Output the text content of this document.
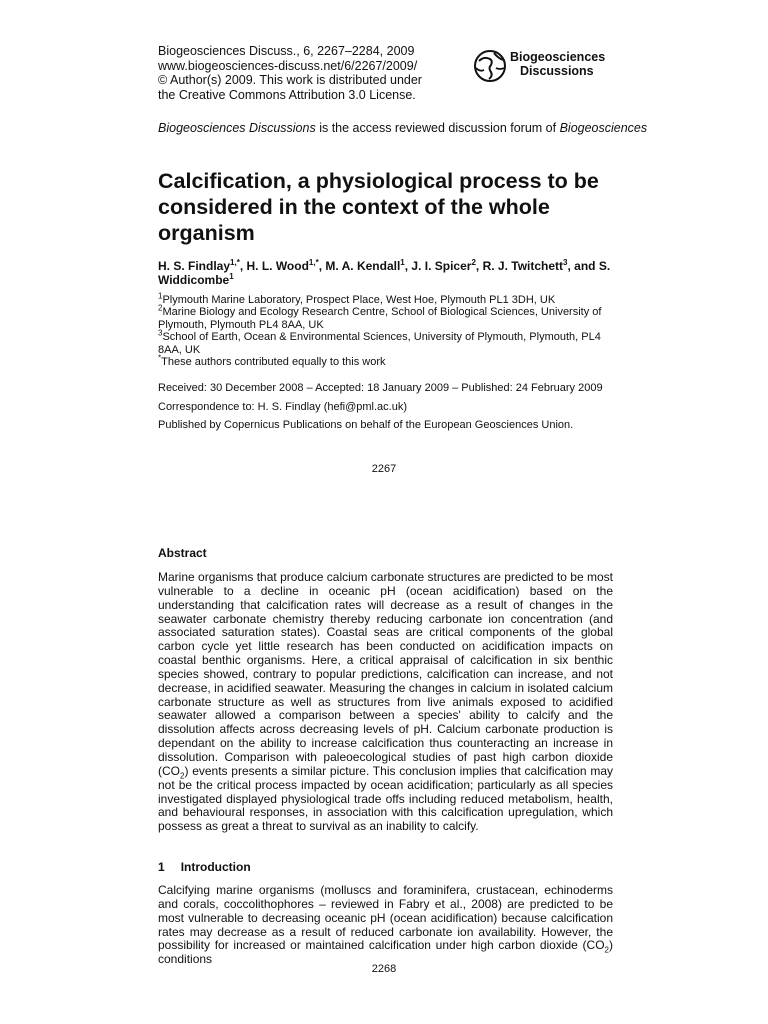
Biogeosciences Discuss., 6, 2267–2284, 2009
www.biogeosciences-discuss.net/6/2267/2009/
© Author(s) 2009. This work is distributed under
the Creative Commons Attribution 3.0 License.
Biogeosciences
Discussions
Biogeosciences Discussions is the access reviewed discussion forum of Biogeosciences
Calcification, a physiological process to be considered in the context of the whole organism
H. S. Findlay$^{1,*}$, H. L. Wood$^{1,*}$, M. A. Kendall$^1$, J. I. Spicer$^2$, R. J. Twitchett$^3$, and S. Widdicombe$^1$
$^1$Plymouth Marine Laboratory, Prospect Place, West Hoe, Plymouth PL1 3DH, UK
$^2$Marine Biology and Ecology Research Centre, School of Biological Sciences, University of Plymouth, Plymouth PL4 8AA, UK
$^3$School of Earth, Ocean & Environmental Sciences, University of Plymouth, Plymouth, PL4 8AA, UK
*These authors contributed equally to this work
Received: 30 December 2008 – Accepted: 18 January 2009 – Published: 24 February 2009
Correspondence to: H. S. Findlay (hefi@pml.ac.uk)
Published by Copernicus Publications on behalf of the European Geosciences Union.
2267
Abstract

Marine organisms that produce calcium carbonate structures are predicted to be most vulnerable to a decline in oceanic pH (ocean acidification) based on the understanding that calcification rates will decrease as a result of changes in the seawater carbonate chemistry thereby reducing carbonate ion concentration (and associated saturation states). Coastal seas are critical components of the global carbon cycle yet little research has been conducted on acidification impacts on coastal benthic organisms. Here, a critical appraisal of calcification in six benthic species showed, contrary to popular predictions, calcification can increase, and not decrease, in acidified seawater. Measuring the changes in calcium in isolated calcium carbonate structure as well as structures from live animals exposed to acidified seawater allowed a comparison between a species' ability to calcify and the dissolution affects across decreasing levels of pH. Calcium carbonate production is dependant on the ability to increase calcification thus counteracting an increase in dissolution. Comparison with paleoecological studies of past high carbon dioxide $(CO_2)$ events presents a similar picture. This conclusion implies that calcification may not be the critical process impacted by ocean acidification; particularly as all species investigated displayed physiological trade offs including reduced metabolism, health, and behavioural responses, in association with this calcification upregulation, which possess as great a threat to survival as an inability to calcify.

1 Introduction

Calcifying marine organisms (molluscs and foraminifera, crustacean, echinoderms and corals, coccolithophores – reviewed in Fabry et al., 2008) are predicted to be most vulnerable to decreasing oceanic pH (ocean acidification) because calcification rates may decrease as a result of reduced carbonate ion availability. However, the possibility for increased or maintained calcification under high carbon dioxide $(CO_2)$ conditions

2268
